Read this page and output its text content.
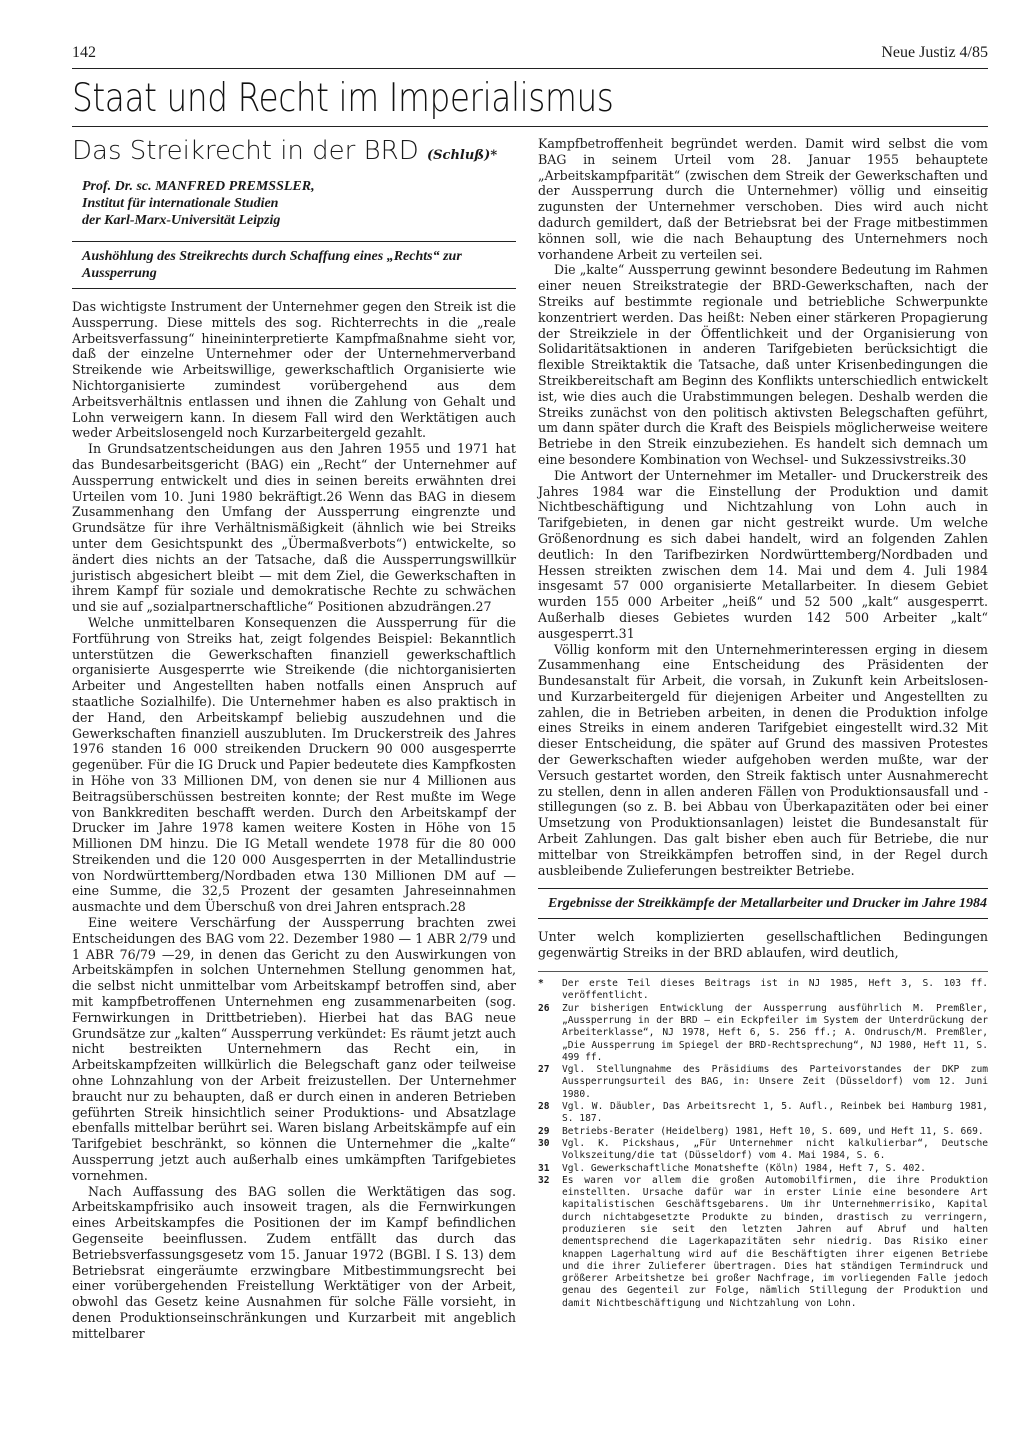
142	Neue Justiz 4/85
Staat und Recht im Imperialismus
Das Streikrecht in der BRD (Schluß)*
Prof. Dr. sc. MANFRED PREMSSLER,
Institut für internationale Studien
der Karl-Marx-Universität Leipzig
Aushöhlung des Streikrechts durch Schaffung eines „Rechts“ zur Aussperrung

Das wichtigste Instrument der Unternehmer gegen den Streik ist die Aussperrung. Diese mittels des sog. Richterrechts in die „reale Arbeitsverfassung“ hineininterpretierte Kampfmaßnahme sieht vor, daß der einzelne Unternehmer oder der Unternehmerverband Streikende wie Arbeitswillige, gewerkschaftlich Organisierte wie Nichtorganisierte zumindest vorübergehend aus dem Arbeitsverhältnis entlassen und ihnen die Zahlung von Gehalt und Lohn verweigern kann. In diesem Fall wird den Werktätigen auch weder Arbeitslosengeld noch Kurzarbeitergeld gezahlt.

In Grundsatzentscheidungen aus den Jahren 1955 und 1971 hat das Bundesarbeitsgericht (BAG) ein „Recht“ der Unternehmer auf Aussperrung entwickelt und dies in seinen bereits erwähnten drei Urteilen vom 10. Juni 1980 bekräftigt.26 Wenn das BAG in diesem Zusammenhang den Umfang der Aussperrung eingrenzte und Grundsätze für ihre Verhältnismäßigkeit (ähnlich wie bei Streiks unter dem Gesichtspunkt des „Übermaßverbots“) entwickelte, so ändert dies nichts an der Tatsache, daß die Aussperrungswillkür juristisch abgesichert bleibt — mit dem Ziel, die Gewerkschaften in ihrem Kampf für soziale und demokratische Rechte zu schwächen und sie auf „sozialpartnerschaftliche“ Positionen abzudrängen.27

Welche unmittelbaren Konsequenzen die Aussperrung für die Fortführung von Streiks hat, zeigt folgendes Beispiel: Bekanntlich unterstützen die Gewerkschaften finanziell gewerkschaftlich organisierte Ausgesperrte wie Streikende (die nichtorganisierten Arbeiter und Angestellten haben notfalls einen Anspruch auf staatliche Sozialhilfe). Die Unternehmer haben es also praktisch in der Hand, den Arbeitskampf beliebig auszudehnen und die Gewerkschaften finanziell auszubluten. Im Druckerstreik des Jahres 1976 standen 16 000 streikenden Druckern 90 000 ausgesperrte gegenüber. Für die IG Druck und Papier bedeutete dies Kampfkosten in Höhe von 33 Millionen DM, von denen sie nur 4 Millionen aus Beitragsüberschüssen bestreiten konnte; der Rest mußte im Wege von Bankkrediten beschafft werden. Durch den Arbeitskampf der Drucker im Jahre 1978 kamen weitere Kosten in Höhe von 15 Millionen DM hinzu. Die IG Metall wendete 1978 für die 80 000 Streikenden und die 120 000 Ausgesperrten in der Metallindustrie von Nordwürttemberg/Nordbaden etwa 130 Millionen DM auf — eine Summe, die 32,5 Prozent der gesamten Jahreseinnahmen ausmachte und dem Überschuß von drei Jahren entsprach.28

Eine weitere Verschärfung der Aussperrung brachten zwei Entscheidungen des BAG vom 22. Dezember 1980 — 1 ABR 2/79 und 1 ABR 76/79 —29, in denen das Gericht zu den Auswirkungen von Arbeitskämpfen in solchen Unternehmen Stellung genommen hat, die selbst nicht unmittelbar vom Arbeitskampf betroffen sind, aber mit kampfbetroffenen Unternehmen eng zusammenarbeiten (sog. Fernwirkungen in Drittbetrieben). Hierbei hat das BAG neue Grundsätze zur „kalten“ Aussperrung verkündet: Es räumt jetzt auch nicht bestreikten Unternehmern das Recht ein, in Arbeitskampfzeiten willkürlich die Belegschaft ganz oder teilweise ohne Lohnzahlung von der Arbeit freizustellen. Der Unternehmer braucht nur zu behaupten, daß er durch einen in anderen Betrieben geführten Streik hinsichtlich seiner Produktions- und Absatzlage ebenfalls mittelbar berührt sei. Waren bislang Arbeitskämpfe auf ein Tarifgebiet beschränkt, so können die Unternehmer die „kalte“ Aussperrung jetzt auch außerhalb eines umkämpften Tarifgebietes vornehmen.

Nach Auffassung des BAG sollen die Werktätigen das sog. Arbeitskampfrisiko auch insoweit tragen, als die Fernwirkungen eines Arbeitskampfes die Positionen der im Kampf befindlichen Gegenseite beeinflussen. Zudem entfällt das durch das Betriebsverfassungsgesetz vom 15. Januar 1972 (BGBl. I S. 13) dem Betriebsrat eingeräumte erzwingbare Mitbestimmungsrecht bei einer vorübergehenden Freistellung Werktätiger von der Arbeit, obwohl das Gesetz keine Ausnahmen für solche Fälle vorsieht, in denen Produktionseinschränkungen und Kurzarbeit mit angeblich mittelbarer

Kampfbetroffenheit begründet werden. Damit wird selbst die vom BAG in seinem Urteil vom 28. Januar 1955 behauptete „Arbeitskampfparität“ (zwischen dem Streik der Gewerkschaften und der Aussperrung durch die Unternehmer) völlig und einseitig zugunsten der Unternehmer verschoben. Dies wird auch nicht dadurch gemildert, daß der Betriebsrat bei der Frage mitbestimmen können soll, wie die nach Behauptung des Unternehmers noch vorhandene Arbeit zu verteilen sei.

Die „kalte“ Aussperrung gewinnt besondere Bedeutung im Rahmen einer neuen Streikstrategie der BRD-Gewerkschaften, nach der Streiks auf bestimmte regionale und betriebliche Schwerpunkte konzentriert werden. Das heißt: Neben einer stärkeren Propagierung der Streikziele in der Öffentlichkeit und der Organisierung von Solidaritätsaktionen in anderen Tarifgebieten berücksichtigt die flexible Streiktaktik die Tatsache, daß unter Krisenbedingungen die Streikbereitschaft am Beginn des Konflikts unterschiedlich entwickelt ist, wie dies auch die Urabstimmungen belegen. Deshalb werden die Streiks zunächst von den politisch aktivsten Belegschaften geführt, um dann später durch die Kraft des Beispiels möglicherweise weitere Betriebe in den Streik einzubeziehen. Es handelt sich demnach um eine besondere Kombination von Wechsel- und Sukzessivstreiks.30

Die Antwort der Unternehmer im Metaller- und Druckerstreik des Jahres 1984 war die Einstellung der Produktion und damit Nichtbeschäftigung und Nichtzahlung von Lohn auch in Tarifgebieten, in denen gar nicht gestreikt wurde. Um welche Größenordnung es sich dabei handelt, wird an folgenden Zahlen deutlich: In den Tarifbezirken Nordwürttemberg/Nordbaden und Hessen streikten zwischen dem 14. Mai und dem 4. Juli 1984 insgesamt 57 000 organisierte Metallarbeiter. In diesem Gebiet wurden 155 000 Arbeiter „heiß“ und 52 500 „kalt“ ausgesperrt. Außerhalb dieses Gebietes wurden 142 500 Arbeiter „kalt“ ausgesperrt.31

Völlig konform mit den Unternehmerinteressen erging in diesem Zusammenhang eine Entscheidung des Präsidenten der Bundesanstalt für Arbeit, die vorsah, in Zukunft kein Arbeitslosen- und Kurzarbeitergeld für diejenigen Arbeiter und Angestellten zu zahlen, die in Betrieben arbeiten, in denen die Produktion infolge eines Streiks in einem anderen Tarifgebiet eingestellt wird.32 Mit dieser Entscheidung, die später auf Grund des massiven Protestes der Gewerkschaften wieder aufgehoben werden mußte, war der Versuch gestartet worden, den Streik faktisch unter Ausnahmerecht zu stellen, denn in allen anderen Fällen von Produktionsausfall und -stillegungen (so z. B. bei Abbau von Überkapazitäten oder bei einer Umsetzung von Produktionsanlagen) leistet die Bundesanstalt für Arbeit Zahlungen. Das galt bisher eben auch für Betriebe, die nur mittelbar von Streikkämpfen betroffen sind, in der Regel durch ausbleibende Zulieferungen bestreikter Betriebe.

Ergebnisse der Streikkämpfe der Metallarbeiter und Drucker im Jahre 1984

Unter welch komplizierten gesellschaftlichen Bedingungen gegenwärtig Streiks in der BRD ablaufen, wird deutlich,

*	Der erste Teil dieses Beitrags ist in NJ 1985, Heft 3, S. 103 ff. veröffentlicht.
26	Zur bisherigen Entwicklung der Aussperrung ausführlich M. Premßler, „Aussperrung in der BRD — ein Eckpfeiler im System der Unterdrückung der Arbeiterklasse“, NJ 1978, Heft 6, S. 256 ff.; A. Ondrusch/M. Premßler, „Die Aussperrung im Spiegel der BRD-Rechtsprechung“, NJ 1980, Heft 11, S. 499 ff.
27	Vgl. Stellungnahme des Präsidiums des Parteivorstandes der DKP zum Aussperrungsurteil des BAG, in: Unsere Zeit (Düsseldorf) vom 12. Juni 1980.
28	Vgl. W. Däubler, Das Arbeitsrecht 1, 5. Aufl., Reinbek bei Hamburg 1981, S. 187.
29	Betriebs-Berater (Heidelberg) 1981, Heft 10, S. 609, und Heft 11, S. 669.
30	Vgl. K. Pickshaus, „Für Unternehmer nicht kalkulierbar“, Deutsche Volkszeitung/die tat (Düsseldorf) vom 4. Mai 1984, S. 6.
31	Vgl. Gewerkschaftliche Monatshefte (Köln) 1984, Heft 7, S. 402.
32	Es waren vor allem die großen Automobilfirmen, die ihre Produktion einstellten. Ursache dafür war in erster Linie eine besondere Art kapitalistischen Geschäftsgebarens. Um ihr Unternehmerrisiko, Kapital durch nichtabgesetzte Produkte zu binden, drastisch zu verringern, produzieren sie seit den letzten Jahren auf Abruf und halten dementsprechend die Lagerkapazitäten sehr niedrig. Das Risiko einer knappen Lagerhaltung wird auf die Beschäftigten ihrer eigenen Betriebe und die ihrer Zulieferer übertragen. Dies hat ständigen Termindruck und größerer Arbeitshetze bei großer Nachfrage, im vorliegenden Falle jedoch genau des Gegenteil zur Folge, nämlich Stillegung der Produktion und damit Nichtbeschäftigung und Nichtzahlung von Lohn.
